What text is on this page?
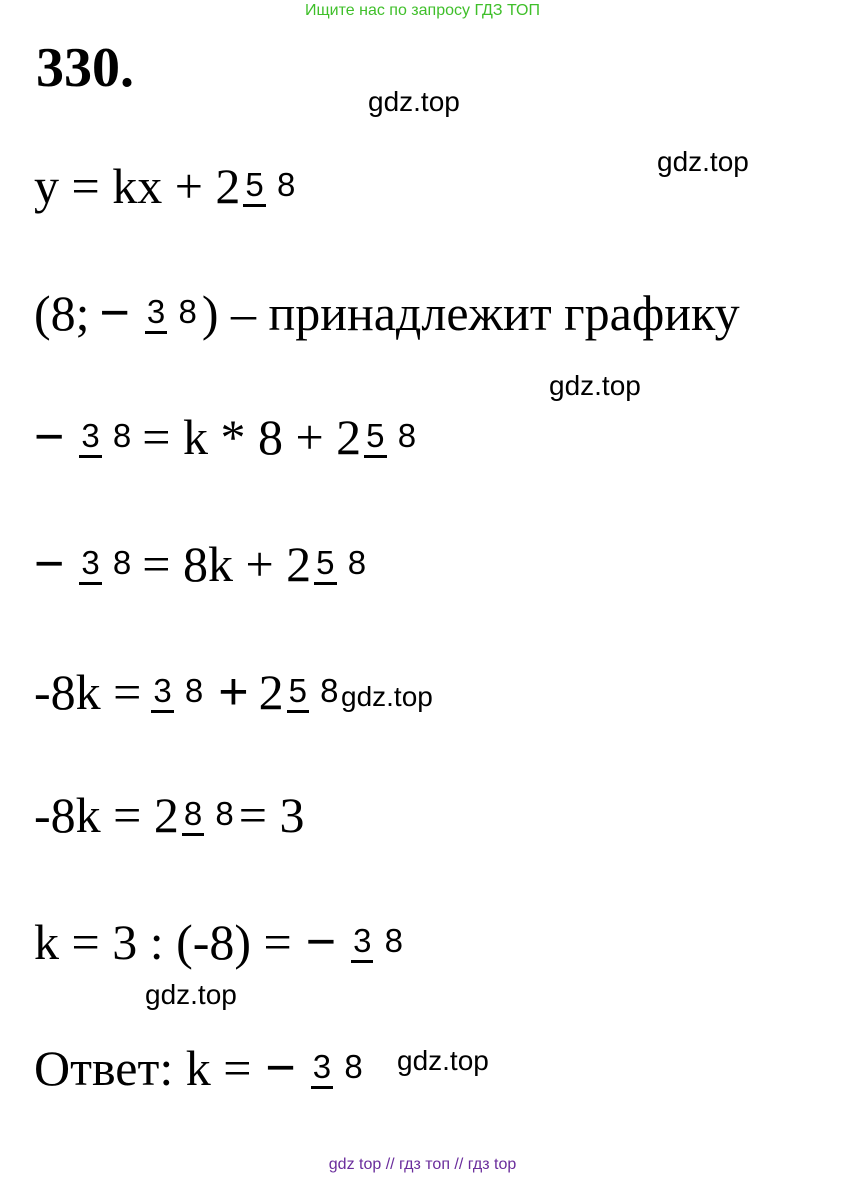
Ищите нас по запросу ГДЗ ТОП
330.
gdz.top
gdz.top
gdz.top
gdz.top
gdz.top
gdz.top
y = kx + 2 5 8
(8; − 3 8 ) – принадлежит графику
− 3 8 = k * 8 + 2 5 8
− 3 8 = 8k + 2 5 8
-8k = 3 8 + 2 5 8
-8k = 2 8 8 = 3
k = 3 : (-8) = − 3 8
Ответ: k = − 3 8
gdz top // гдз топ // гдз top
